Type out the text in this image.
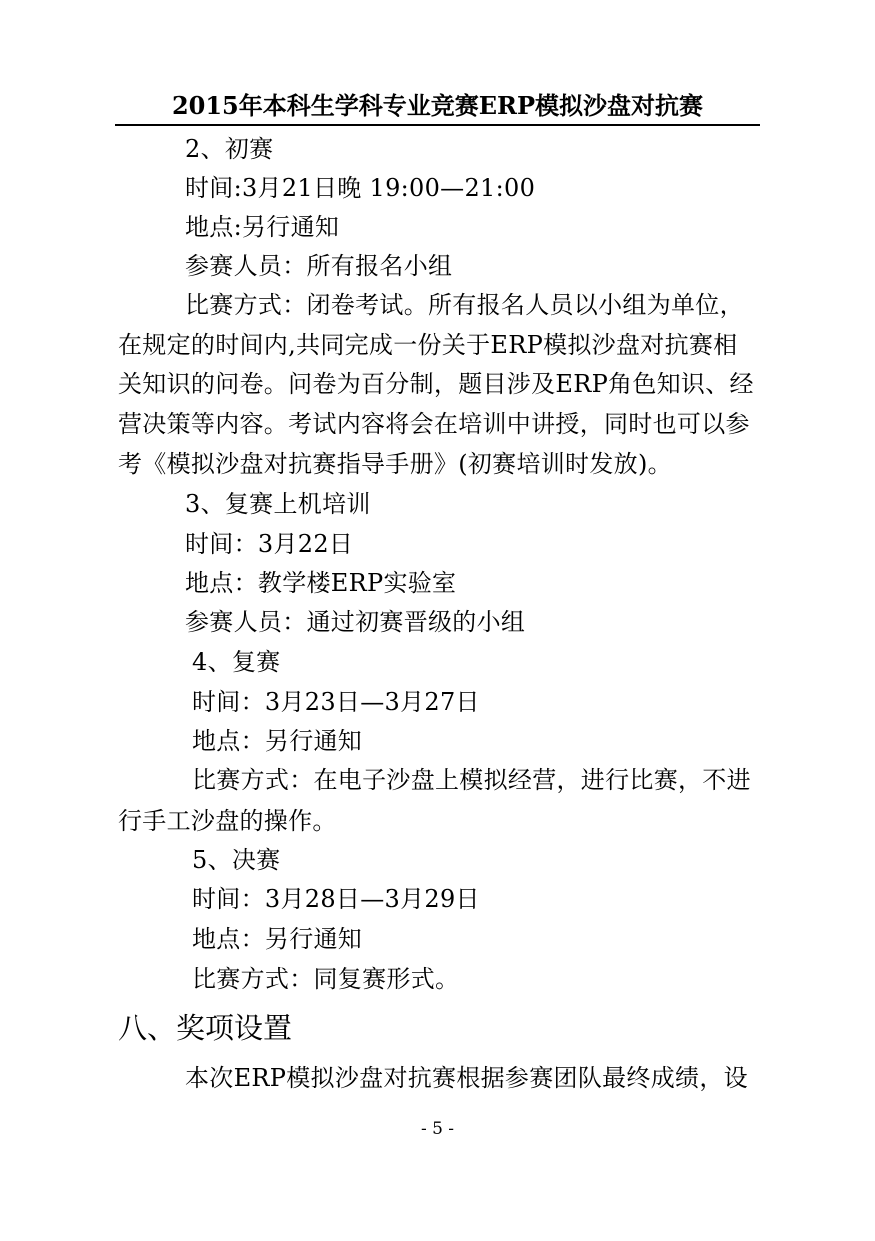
2015年本科生学科专业竞赛ERP模拟沙盘对抗赛
2、初赛
时间:3月21日晚 19:00—21:00
地点:另行通知
参赛人员：所有报名小组
比赛方式：闭卷考试。所有报名人员以小组为单位，
在规定的时间内,共同完成一份关于ERP模拟沙盘对抗赛相
关知识的问卷。问卷为百分制，题目涉及ERP角色知识、经
营决策等内容。考试内容将会在培训中讲授，同时也可以参
考《模拟沙盘对抗赛指导手册》(初赛培训时发放)。
3、复赛上机培训
时间：3月22日
地点：教学楼ERP实验室
参赛人员：通过初赛晋级的小组
4、复赛
时间：3月23日—3月27日
地点：另行通知
比赛方式：在电子沙盘上模拟经营，进行比赛，不进
行手工沙盘的操作。
5、决赛
时间：3月28日—3月29日
地点：另行通知
比赛方式：同复赛形式。
八、奖项设置
本次ERP模拟沙盘对抗赛根据参赛团队最终成绩，设
- 5 -
